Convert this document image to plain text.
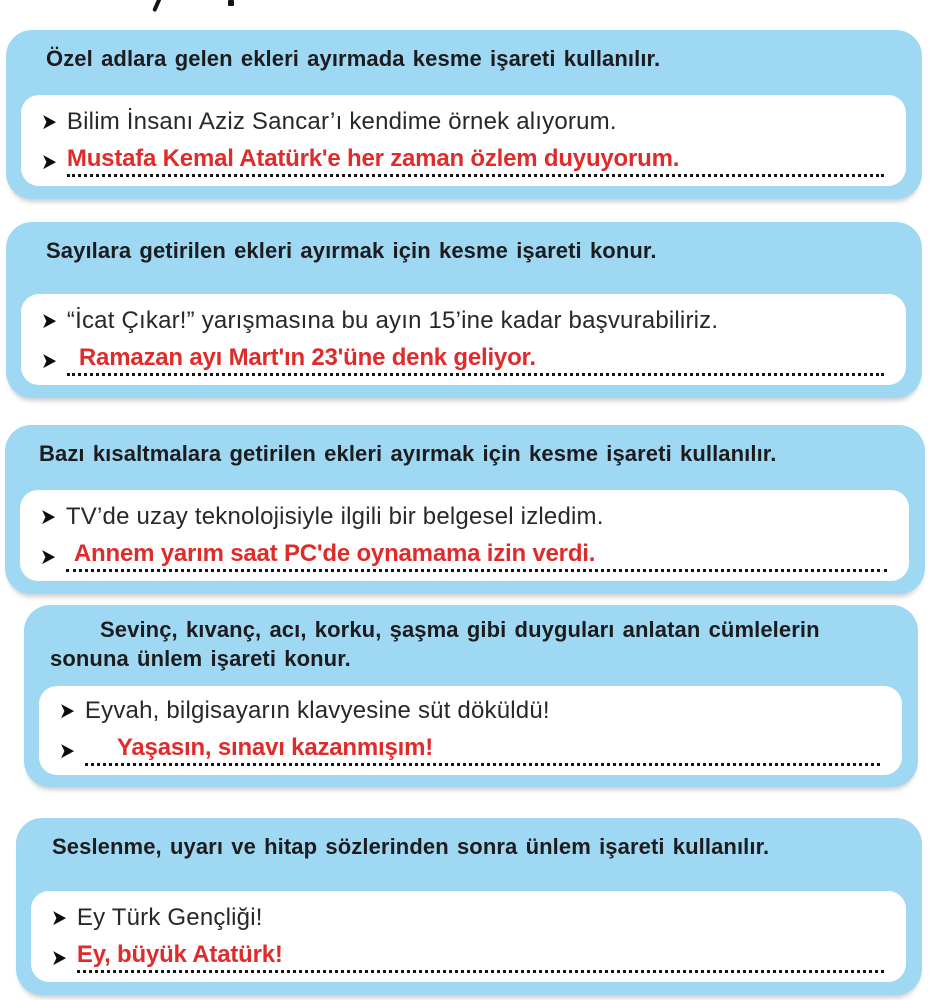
Özel adlara gelen ekleri ayırmada kesme işareti kullanılır.
➤ Bilim İnsanı Aziz Sancar’ı kendime örnek alıyorum.
➤ Mustafa Kemal Atatürk'e her zaman özlem duyuyorum.
Sayılara getirilen ekleri ayırmak için kesme işareti konur.
➤ “İcat Çıkar!” yarışmasına bu ayın 15’ine kadar başvurabiliriz.
➤ Ramazan ayı Mart'ın 23'üne denk geliyor.
Bazı kısaltmalara getirilen ekleri ayırmak için kesme işareti kullanılır.
➤ TV’de uzay teknolojisiyle ilgili bir belgesel izledim.
➤ Annem yarım saat PC'de oynamama izin verdi.
Sevinç, kıvanç, acı, korku, şaşma gibi duyguları anlatan cümlelerin sonuna ünlem işareti konur.
➤ Eyvah, bilgisayarın klavyesine süt döküldü!
➤	Yaşasın, sınavı kazanmışım!
Seslenme, uyarı ve hitap sözlerinden sonra ünlem işareti kullanılır.
➤ Ey Türk Gençliği!
➤ Ey, büyük Atatürk!
